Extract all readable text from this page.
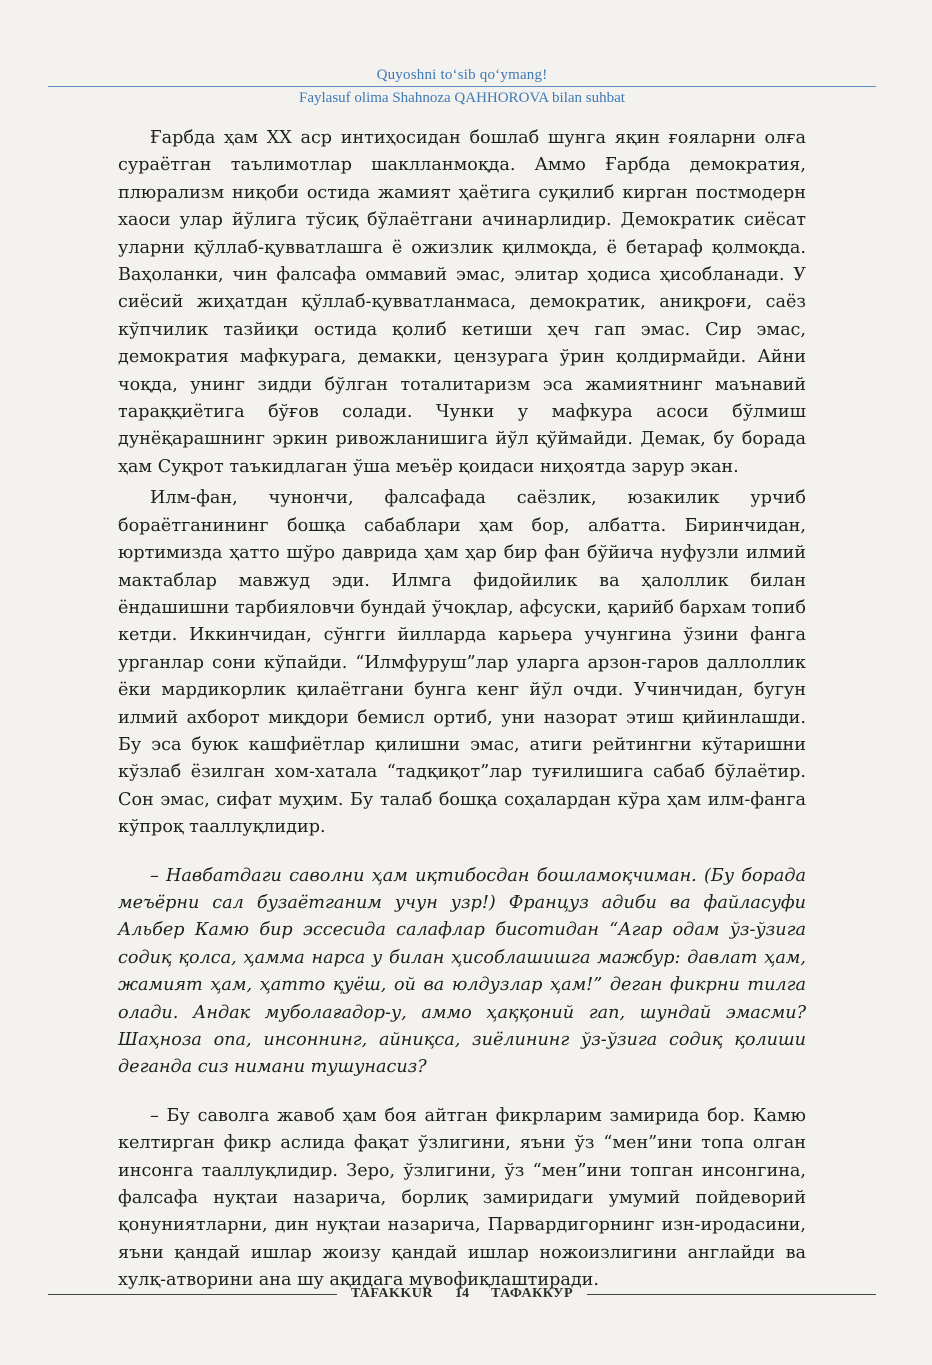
Quyoshni to‘sib qo‘ymang!
Faylasuf olima Shahnoza QAHHOROVA bilan suhbat

Ғарбда ҳам XX аср интиҳосидан бошлаб шунга яқин ғояларни олға сураётган таълимотлар шаклланмоқда. Аммо Ғарбда демократия, плюрализм ниқоби остида жамият ҳаётига суқилиб кирган постмодерн хаоси улар йўлига тўсиқ бўлаётгани ачинарлидир. Демократик сиёсат уларни қўллаб-қувватлашга ё ожизлик қилмоқда, ё бетараф қолмоқда. Ваҳоланки, чин фалсафа оммавий эмас, элитар ҳодиса ҳисобланади. У сиёсий жиҳатдан қўллаб-қувватланмаса, демократик, аниқроғи, саёз кўпчилик тазйиқи остида қолиб кетиши ҳеч гап эмас. Сир эмас, демократия мафкурага, демакки, цензурага ўрин қолдирмайди. Айни чоқда, унинг зидди бўлган тоталитаризм эса жамиятнинг маънавий тараққиётига бўғов солади. Чунки у мафкура асоси бўлмиш дунёқарашнинг эркин ривожланишига йўл қўймайди. Демак, бу борада ҳам Суқрот таъкидлаган ўша меъёр қоидаси ниҳоятда зарур экан.

Илм-фан, чунончи, фалсафада саёзлик, юзакилик урчиб бораётганининг бошқа сабаблари ҳам бор, албатта. Биринчидан, юртимизда ҳатто шўро даврида ҳам ҳар бир фан бўйича нуфузли илмий мактаблар мавжуд эди. Илмга фидойилик ва ҳалоллик билан ёндашишни тарбияловчи бундай ўчоқлар, афсуски, қарийб бархам топиб кетди. Иккинчидан, сўнгги йилларда карьера учунгина ўзини фанга урганлар сони кўпайди. “Илмфуруш”лар уларга арзон-гаров даллоллик ёки мардикорлик қилаётгани бунга кенг йўл очди. Учинчидан, бугун илмий ахборот миқдори бемисл ортиб, уни назорат этиш қийинлашди. Бу эса буюк кашфиётлар қилишни эмас, атиги рейтингни кўтаришни кўзлаб ёзилган хом-хатала “тадқиқот”лар туғилишига сабаб бўлаётир. Сон эмас, сифат муҳим. Бу талаб бошқа соҳалардан кўра ҳам илм-фанга кўпроқ тааллуқлидир.

– Навбатдаги саволни ҳам иқтибосдан бошламоқчиман. (Бу борада меъёрни сал бузаётганим учун узр!) Француз адиби ва файласуфи Альбер Камю бир эссесида салафлар бисотидан “Агар одам ўз-ўзига содиқ қолса, ҳамма нарса у билан ҳисоблашишга мажбур: давлат ҳам, жамият ҳам, ҳатто қуёш, ой ва юлдузлар ҳам!” деган фикрни тилга олади. Андак муболағадор-у, аммо ҳаққоний гап, шундай эмасми? Шаҳноза опа, инсоннинг, айниқса, зиёлининг ўз-ўзига содиқ қолиши деганда сиз нимани тушунасиз?

– Бу саволга жавоб ҳам боя айтган фикрларим замирида бор. Камю келтирган фикр аслида фақат ўзлигини, яъни ўз “мен”ини топа олган инсонга тааллуқлидир. Зеро, ўзлигини, ўз “мен”ини топган инсонгина, фалсафа нуқтаи назарича, борлиқ замиридаги умумий пойдеворий қонуниятларни, дин нуқтаи назарича, Парвардигорнинг изн-иродасини, яъни қандай ишлар жоизу қандай ишлар ножоизлигини англайди ва хулқ-атворини ана шу ақидага мувофиқлаштиради.

TAFAKKUR	14	ТАФАККУР
